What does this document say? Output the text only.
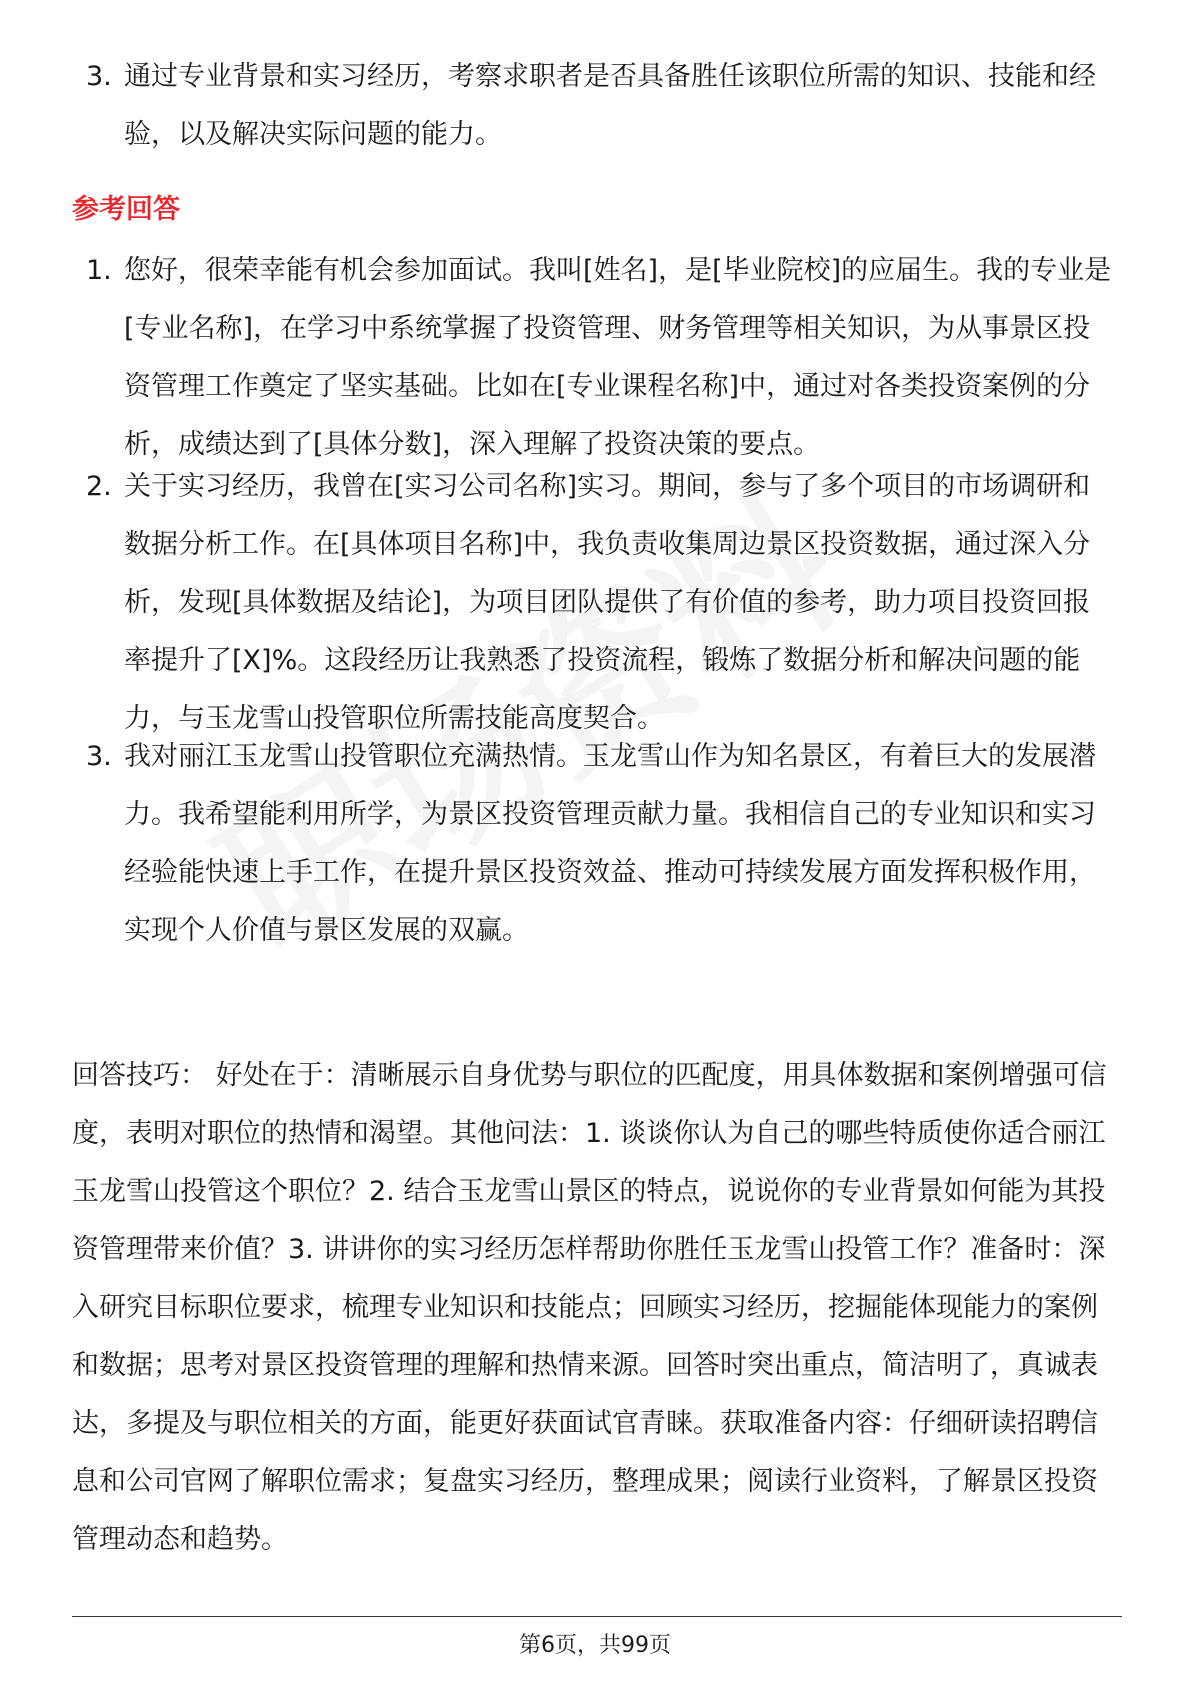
3. 通过专业背景和实习经历，考察求职者是否具备胜任该职位所需的知识、技能和经验，以及解决实际问题的能力。
参考回答
1. 您好，很荣幸能有机会参加面试。我叫[姓名]，是[毕业院校]的应届生。我的专业是[专业名称]，在学习中系统掌握了投资管理、财务管理等相关知识，为从事景区投资管理工作奠定了坚实基础。比如在[专业课程名称]中，通过对各类投资案例的分析，成绩达到了[具体分数]，深入理解了投资决策的要点。
2. 关于实习经历，我曾在[实习公司名称]实习。期间，参与了多个项目的市场调研和数据分析工作。在[具体项目名称]中，我负责收集周边景区投资数据，通过深入分析，发现[具体数据及结论]，为项目团队提供了有价值的参考，助力项目投资回报率提升了[X]%。这段经历让我熟悉了投资流程，锻炼了数据分析和解决问题的能力，与玉龙雪山投管职位所需技能高度契合。
3. 我对丽江玉龙雪山投管职位充满热情。玉龙雪山作为知名景区，有着巨大的发展潜力。我希望能利用所学，为景区投资管理贡献力量。我相信自己的专业知识和实习经验能快速上手工作，在提升景区投资效益、推动可持续发展方面发挥积极作用，实现个人价值与景区发展的双赢。
回答技巧： 好处在于：清晰展示自身优势与职位的匹配度，用具体数据和案例增强可信度，表明对职位的热情和渴望。其他问法：1. 谈谈你认为自己的哪些特质使你适合丽江玉龙雪山投管这个职位？2. 结合玉龙雪山景区的特点，说说你的专业背景如何能为其投资管理带来价值？3. 讲讲你的实习经历怎样帮助你胜任玉龙雪山投管工作？准备时：深入研究目标职位要求，梳理专业知识和技能点；回顾实习经历，挖掘能体现能力的案例和数据；思考对景区投资管理的理解和热情来源。回答时突出重点，简洁明了，真诚表达，多提及与职位相关的方面，能更好获面试官青睐。获取准备内容：仔细研读招聘信息和公司官网了解职位需求；复盘实习经历，整理成果；阅读行业资料，了解景区投资管理动态和趋势。
第6页，共99页
